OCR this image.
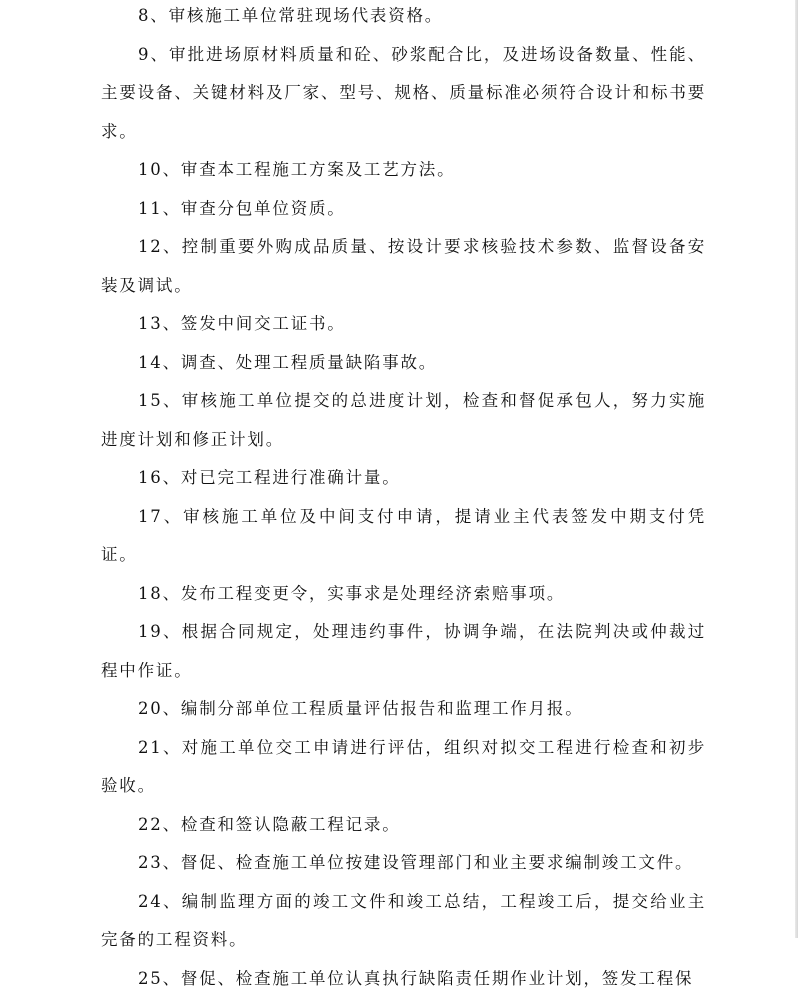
8、审核施工单位常驻现场代表资格。

9、审批进场原材料质量和砼、砂浆配合比，及进场设备数量、性能、主要设备、关键材料及厂家、型号、规格、质量标准必须符合设计和标书要求。

10、审查本工程施工方案及工艺方法。

11、审查分包单位资质。

12、控制重要外购成品质量、按设计要求核验技术参数、监督设备安装及调试。

13、签发中间交工证书。

14、调查、处理工程质量缺陷事故。

15、审核施工单位提交的总进度计划，检查和督促承包人，努力实施进度计划和修正计划。

16、对已完工程进行准确计量。

17、审核施工单位及中间支付申请，提请业主代表签发中期支付凭证。

18、发布工程变更令，实事求是处理经济索赔事项。

19、根据合同规定，处理违约事件，协调争端，在法院判决或仲裁过程中作证。

20、编制分部单位工程质量评估报告和监理工作月报。

21、对施工单位交工申请进行评估，组织对拟交工程进行检查和初步验收。

22、检查和签认隐蔽工程记录。

23、督促、检查施工单位按建设管理部门和业主要求编制竣工文件。

24、编制监理方面的竣工文件和竣工总结，工程竣工后，提交给业主完备的工程资料。

25、督促、检查施工单位认真执行缺陷责任期作业计划，签发工程保
